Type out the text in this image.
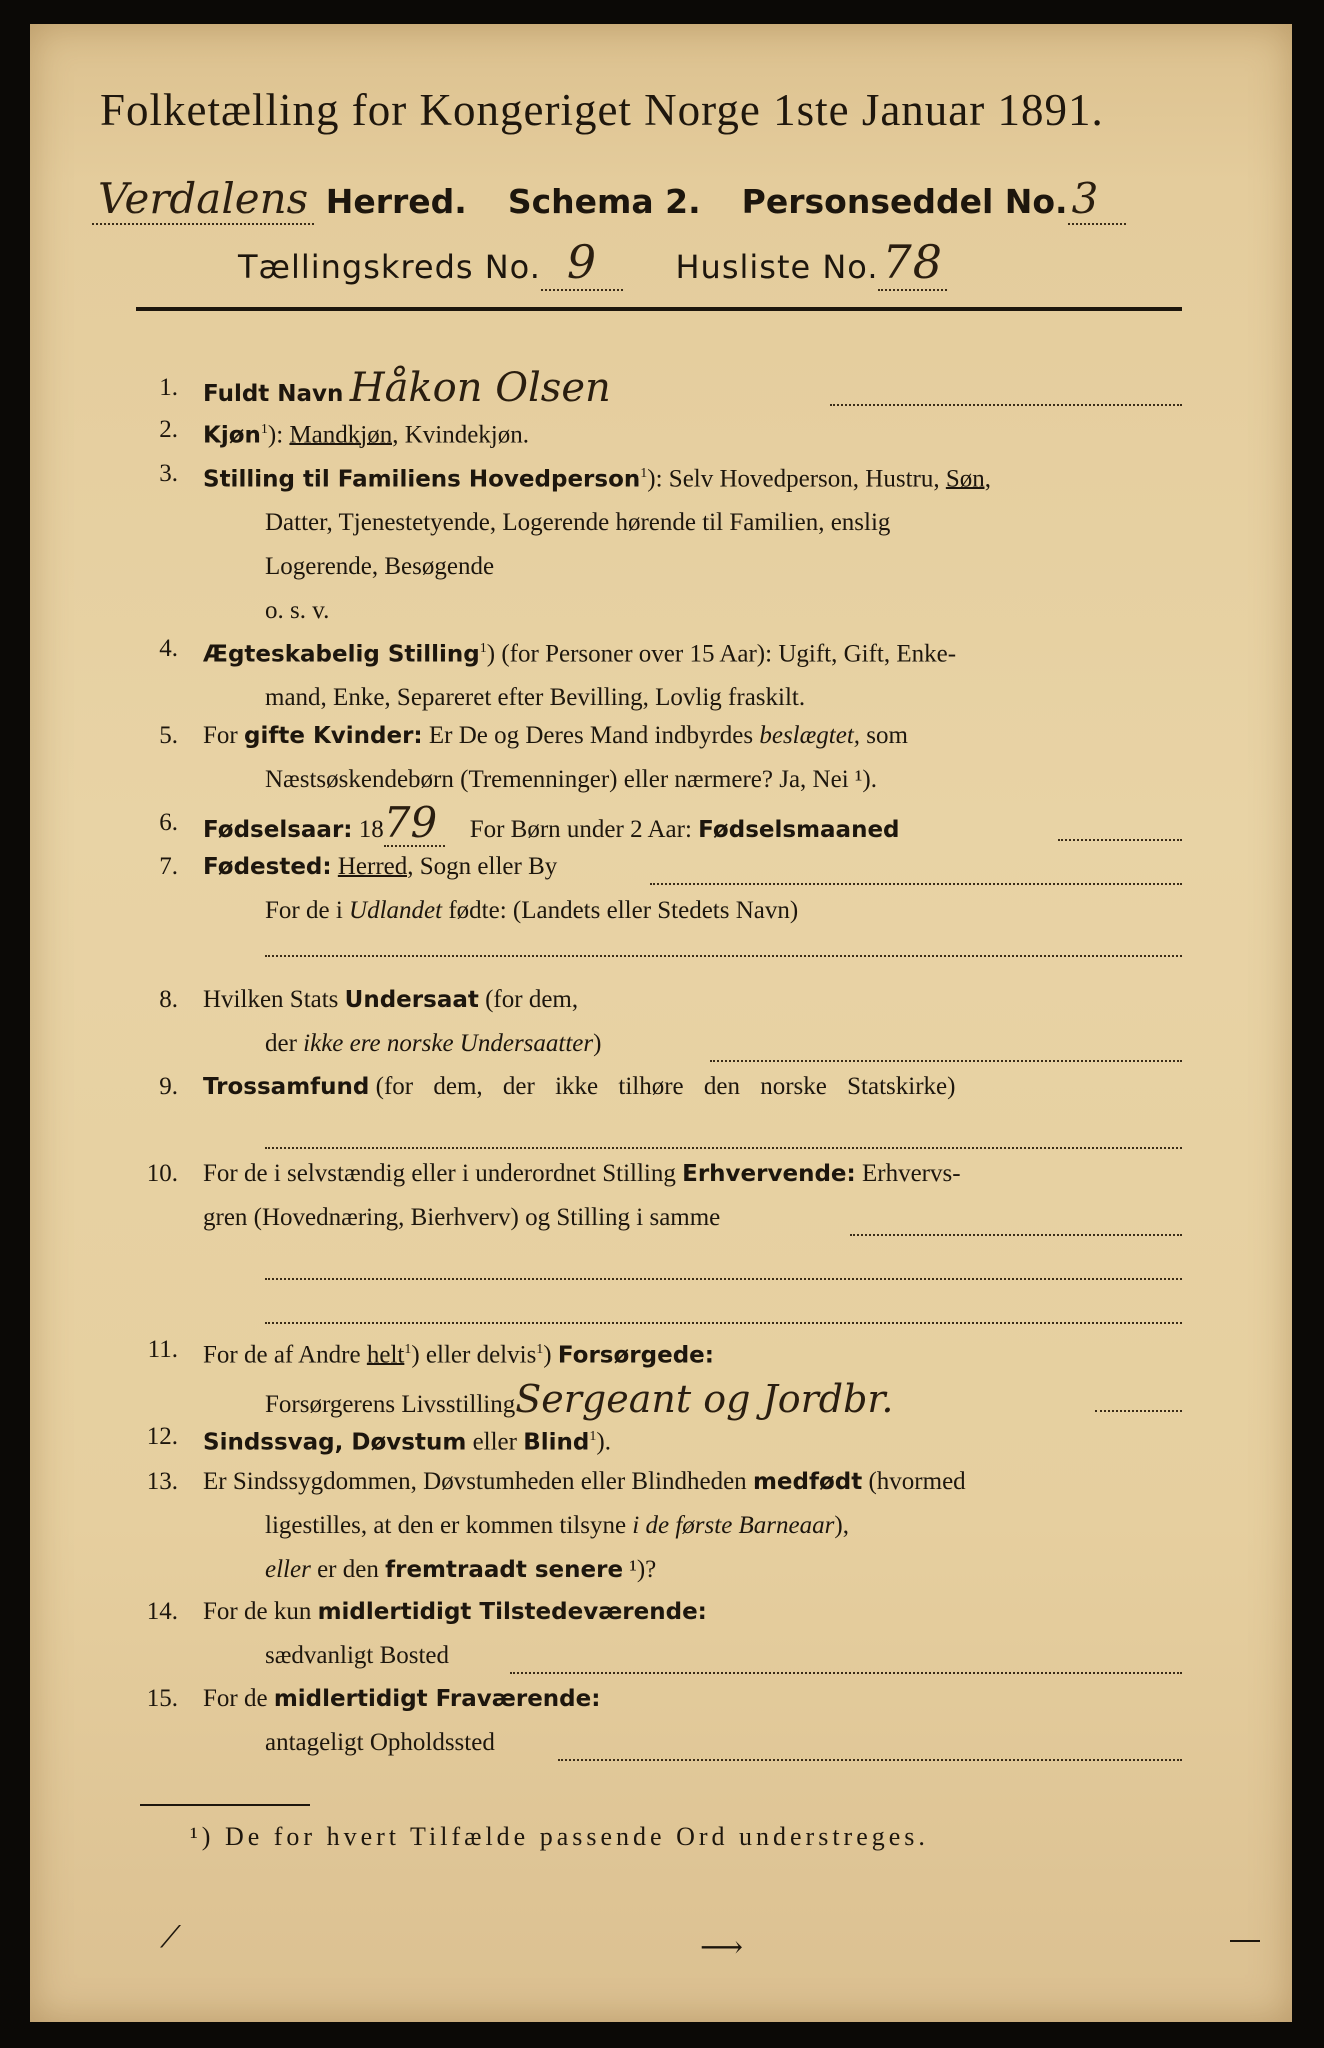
Folketælling for Kongeriget Norge 1ste Januar 1891.
Verdalens Herred. Schema 2. Personseddel No.3
Tællingskreds No. 9 Husliste No.78
1. Fuldt Navn Håkon Olsen
2. Kjøn$^1$): Mandkjøn, Kvindekjøn.
3. Stilling til Familiens Hovedperson$^1$): Selv Hovedperson, Hustru, Søn,
Datter, Tjenestetyende, Logerende hørende til Familien, enslig
Logerende, Besøgende
o. s. v.
4. Ægteskabelig Stilling$^1$) (for Personer over 15 Aar): Ugift, Gift, Enke-
mand, Enke, Separeret efter Bevilling, Lovlig fraskilt.
5. For gifte Kvinder: Er De og Deres Mand indbyrdes beslægtet, som
Næstsøskendebørn (Tremenninger) eller nærmere? Ja, Nei ¹).
6. Fødselsaar: 1879 For Børn under 2 Aar: Fødselsmaaned
7. Fødested: Herred, Sogn eller By
For de i Udlandet fødte: (Landets eller Stedets Navn)
8. Hvilken Stats Undersaat (for dem,
der ikke ere norske Undersaatter)
9. Trossamfund (for dem, der ikke tilhøre den norske Statskirke)
10. For de i selvstændig eller i underordnet Stilling Erhvervende: Erhvervs-
gren (Hovednæring, Bierhverv) og Stilling i samme
11. For de af Andre helt$^1$) eller delvis$^1$) Forsørgede:
Forsørgerens LivsstillingSergeant og Jordbr.
12. Sindssvag, Døvstum eller Blind$^1$).
13. Er Sindssygdommen, Døvstumheden eller Blindheden medfødt (hvormed
ligestilles, at den er kommen tilsyne i de første Barneaar),
eller er den fremtraadt senere ¹)?
14. For de kun midlertidigt Tilstedeværende:
sædvanligt Bosted
15. For de midlertidigt Fraværende:
antageligt Opholdssted
¹) De for hvert Tilfælde passende Ord understreges.
⟋	⟶	―
